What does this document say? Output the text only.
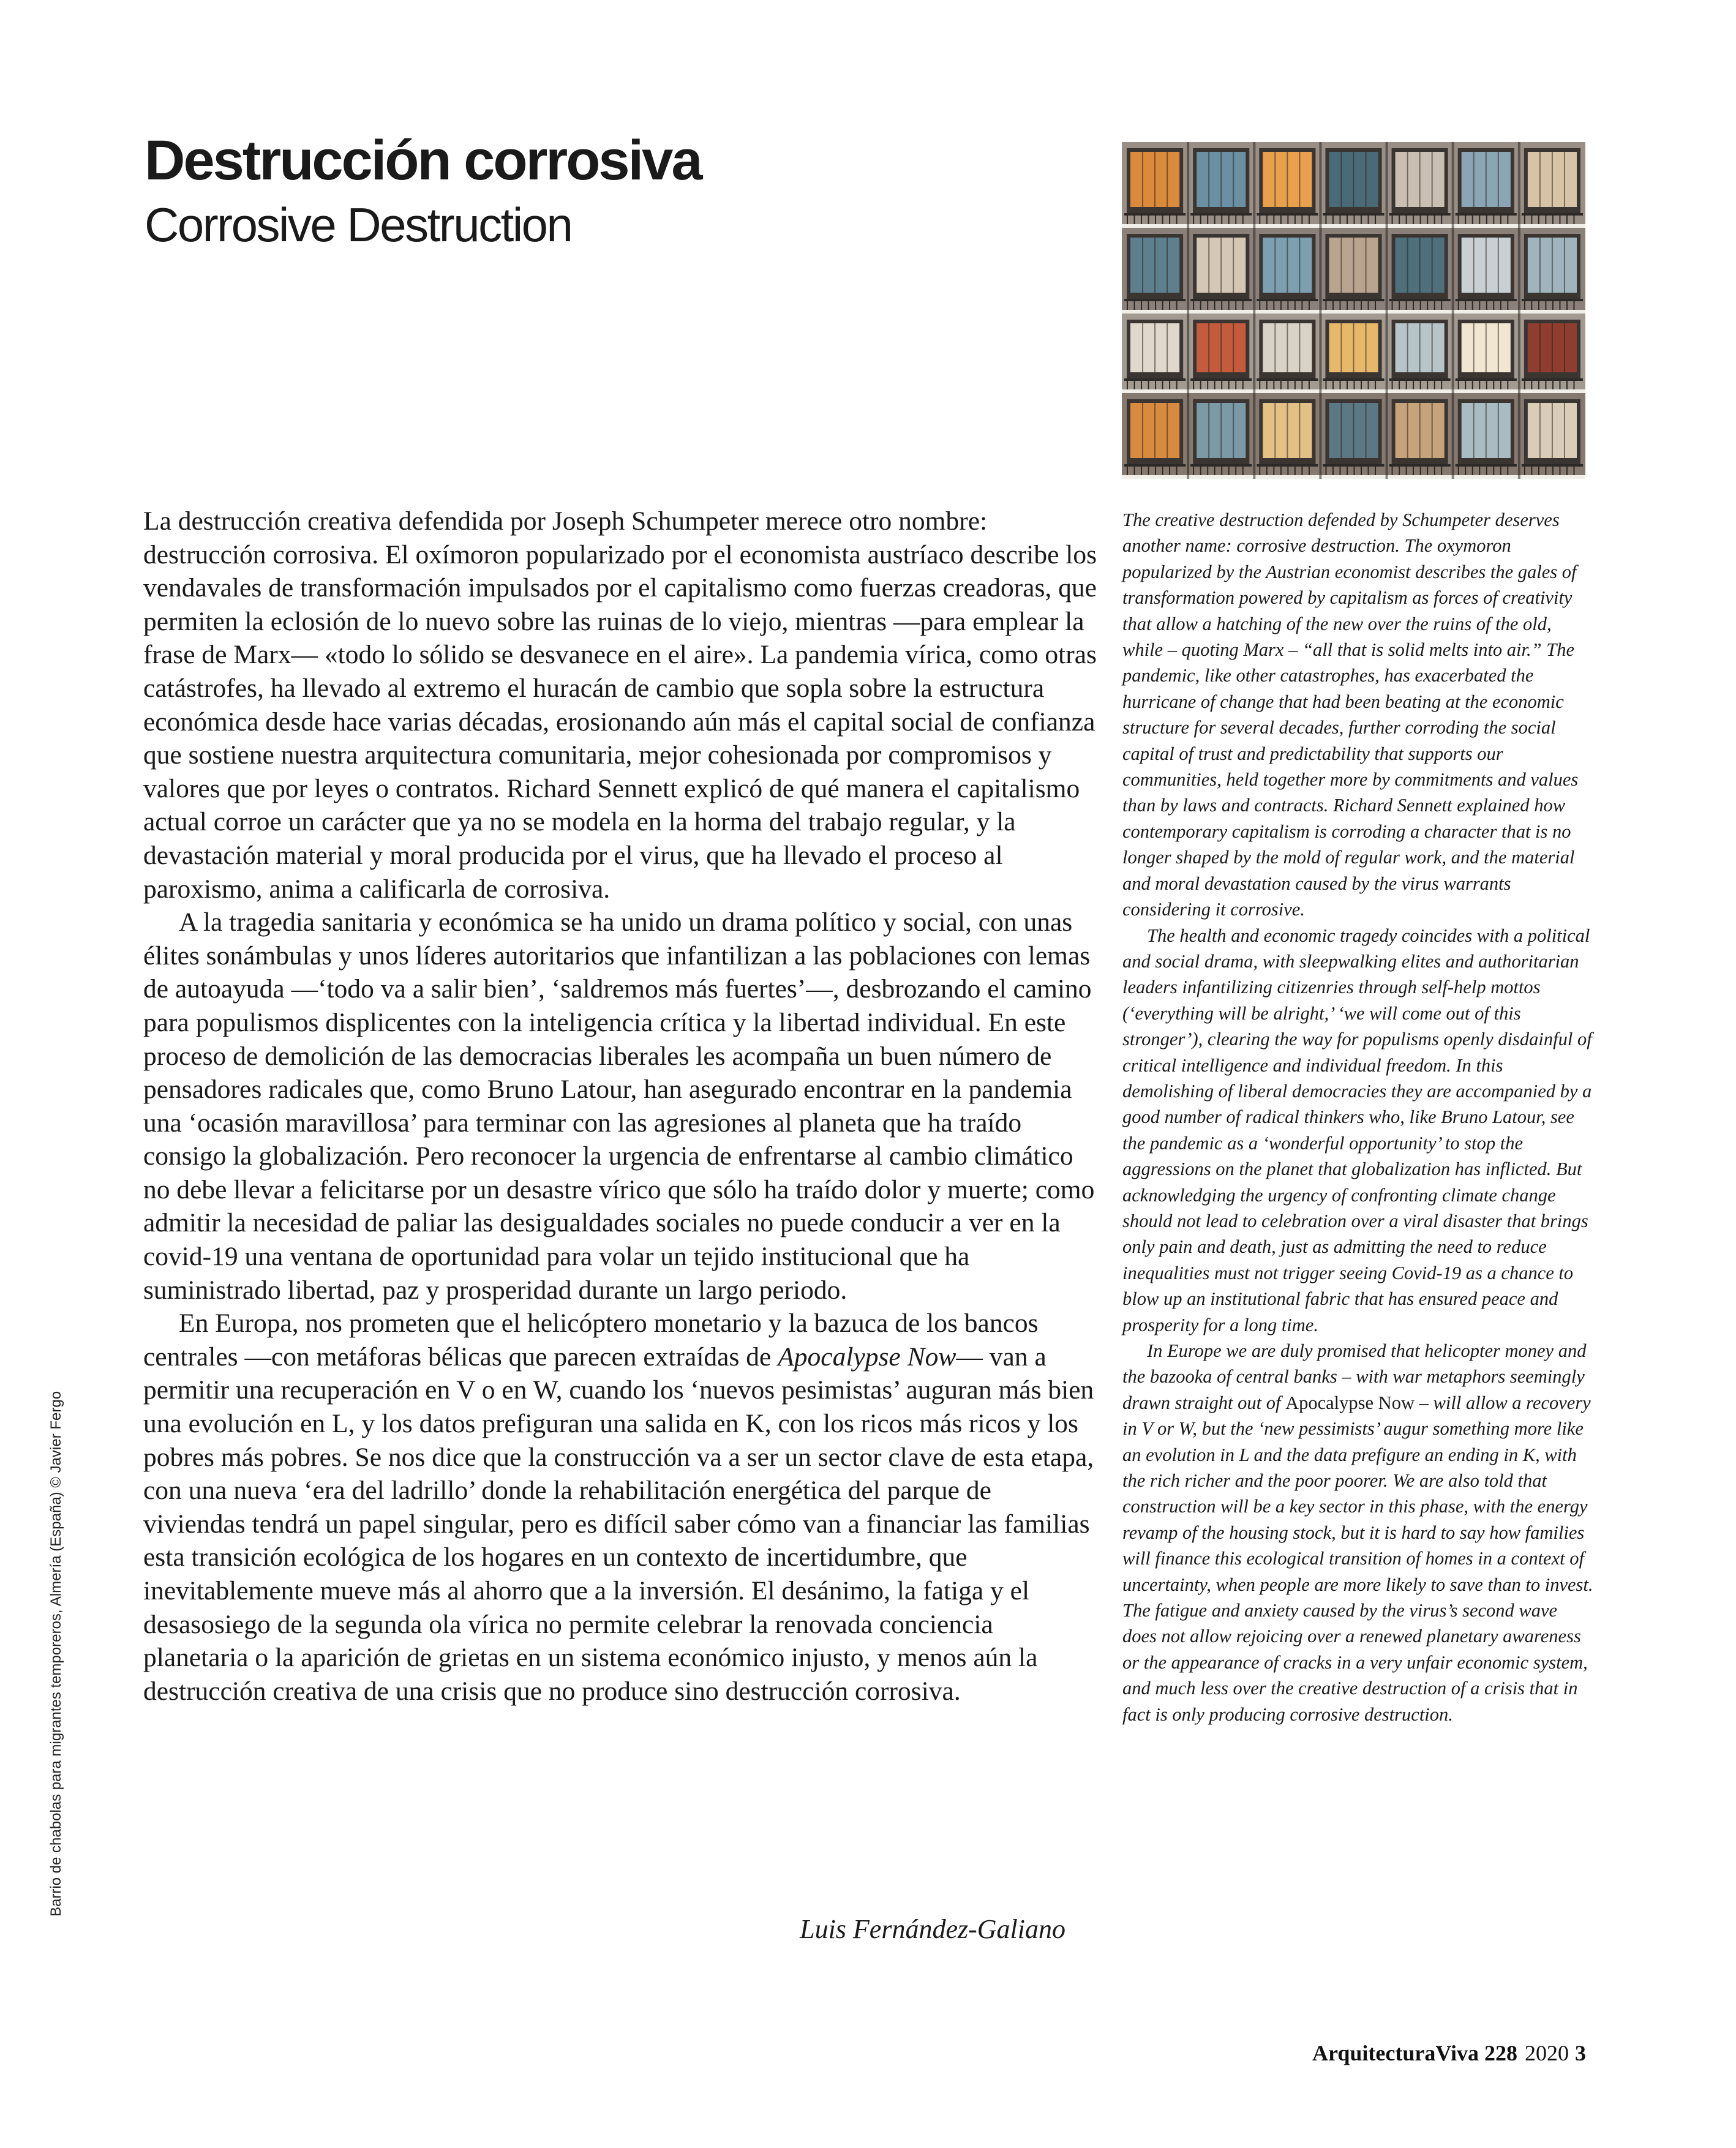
Destrucción corrosiva
Corrosive Destruction

La destrucción creativa defendida por Joseph Schumpeter merece otro nombre: destrucción corrosiva. El oxímoron popularizado por el economista austríaco describe los vendavales de transformación impulsados por el capitalismo como fuerzas creadoras, que permiten la eclosión de lo nuevo sobre las ruinas de lo viejo, mientras —para emplear la frase de Marx— «todo lo sólido se desvanece en el aire». La pandemia vírica, como otras catástrofes, ha llevado al extremo el huracán de cambio que sopla sobre la estructura económica desde hace varias décadas, erosionando aún más el capital social de confianza que sostiene nuestra arquitectura comunitaria, mejor cohesionada por compromisos y valores que por leyes o contratos. Richard Sennett explicó de qué manera el capitalismo actual corroe un carácter que ya no se modela en la horma del trabajo regular, y la devastación material y moral producida por el virus, que ha llevado el proceso al paroxismo, anima a calificarla de corrosiva.

A la tragedia sanitaria y económica se ha unido un drama político y social, con unas élites sonámbulas y unos líderes autoritarios que infantilizan a las poblaciones con lemas de autoayuda —‘todo va a salir bien’, ‘saldremos más fuertes’—, desbrozando el camino para populismos displicentes con la inteligencia crítica y la libertad individual. En este proceso de demolición de las democracias liberales les acompaña un buen número de pensadores radicales que, como Bruno Latour, han asegurado encontrar en la pandemia una ‘ocasión maravillosa’ para terminar con las agresiones al planeta que ha traído consigo la globalización. Pero reconocer la urgencia de enfrentarse al cambio climático no debe llevar a felicitarse por un desastre vírico que sólo ha traído dolor y muerte; como admitir la necesidad de paliar las desigualdades sociales no puede conducir a ver en la covid-19 una ventana de oportunidad para volar un tejido institucional que ha suministrado libertad, paz y prosperidad durante un largo periodo.

En Europa, nos prometen que el helicóptero monetario y la bazuca de los bancos centrales —con metáforas bélicas que parecen extraídas de Apocalypse Now— van a permitir una recuperación en V o en W, cuando los ‘nuevos pesimistas’ auguran más bien una evolución en L, y los datos prefiguran una salida en K, con los ricos más ricos y los pobres más pobres. Se nos dice que la construcción va a ser un sector clave de esta etapa, con una nueva ‘era del ladrillo’ donde la rehabilitación energética del parque de viviendas tendrá un papel singular, pero es difícil saber cómo van a financiar las familias esta transición ecológica de los hogares en un contexto de incertidumbre, que inevitablemente mueve más al ahorro que a la inversión. El desánimo, la fatiga y el desasosiego de la segunda ola vírica no permite celebrar la renovada conciencia planetaria o la aparición de grietas en un sistema económico injusto, y menos aún la destrucción creativa de una crisis que no produce sino destrucción corrosiva.

Luis Fernández-Galiano

The creative destruction defended by Schumpeter deserves another name: corrosive destruction. The oxymoron popularized by the Austrian economist describes the gales of transformation powered by capitalism as forces of creativity that allow a hatching of the new over the ruins of the old, while – quoting Marx – “all that is solid melts into air.” The pandemic, like other catastrophes, has exacerbated the hurricane of change that had been beating at the economic structure for several decades, further corroding the social capital of trust and predictability that supports our communities, held together more by commitments and values than by laws and contracts. Richard Sennett explained how contemporary capitalism is corroding a character that is no longer shaped by the mold of regular work, and the material and moral devastation caused by the virus warrants considering it corrosive.

The health and economic tragedy coincides with a political and social drama, with sleepwalking elites and authoritarian leaders infantilizing citizenries through self-help mottos (‘everything will be alright,’ ‘we will come out of this stronger’), clearing the way for populisms openly disdainful of critical intelligence and individual freedom. In this demolishing of liberal democracies they are accompanied by a good number of radical thinkers who, like Bruno Latour, see the pandemic as a ‘wonderful opportunity’ to stop the aggressions on the planet that globalization has inflicted. But acknowledging the urgency of confronting climate change should not lead to celebration over a viral disaster that brings only pain and death, just as admitting the need to reduce inequalities must not trigger seeing Covid-19 as a chance to blow up an institutional fabric that has ensured peace and prosperity for a long time.

In Europe we are duly promised that helicopter money and the bazooka of central banks – with war metaphors seemingly drawn straight out of Apocalypse Now – will allow a recovery in V or W, but the ‘new pessimists’ augur something more like an evolution in L and the data prefigure an ending in K, with the rich richer and the poor poorer. We are also told that construction will be a key sector in this phase, with the energy revamp of the housing stock, but it is hard to say how families will finance this ecological transition of homes in a context of uncertainty, when people are more likely to save than to invest. The fatigue and anxiety caused by the virus’s second wave does not allow rejoicing over a renewed planetary awareness or the appearance of cracks in a very unfair economic system, and much less over the creative destruction of a crisis that in fact is only producing corrosive destruction.

Barrio de chabolas para migrantes temporeros, Almería (España) © Javier Fergo
ArquitecturaViva 228 2020 3
